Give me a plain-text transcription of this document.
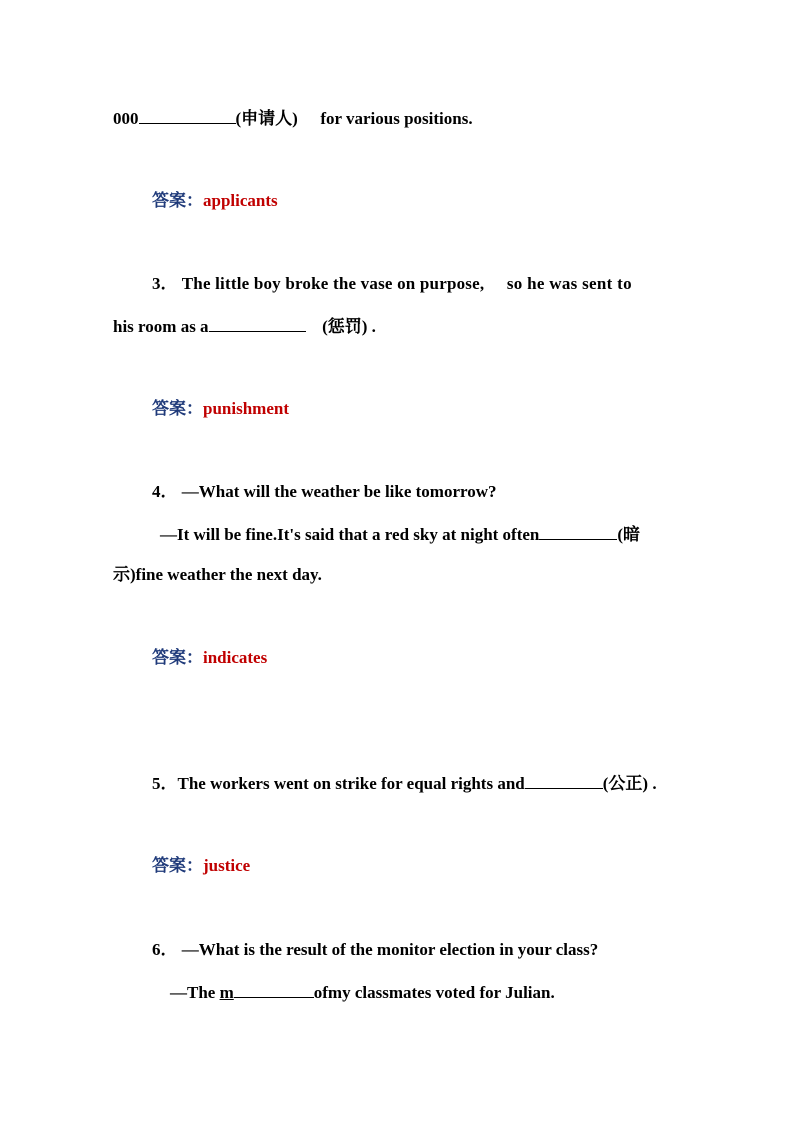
000	(申请人) for various positions.
答案：applicants
3． The little boy broke the vase on purpose, so he was sent to
his room as a	(惩罚) .
答案：punishment
4． —What will the weather be like tomorrow?
—It will be fine.It's said that a red sky at night often	(暗
示)fine weather the next day.
答案：indicates
5．The workers went on strike for equal rights and	(公正) .
答案：justice
6． —What is the result of the monitor election in your class?
—The m	ofmy classmates voted for Julian.
